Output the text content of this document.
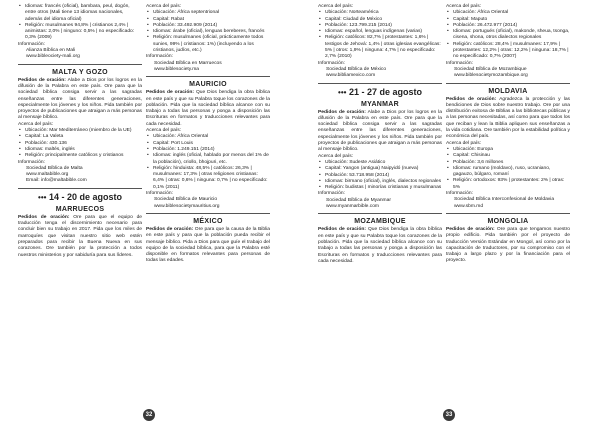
• Idiomas: francés (oficial), bambara, peul, dogón, entre otros (Mali tiene 13 idiomas nacionales, además del idioma oficial)
• Religión: musulmanes 94,8% | cristianos 2,4% | animistas: 2,0% | ninguno: 0,5% | no especificado: 0,3% (2009)

Información:

Alianza Bíblica en Mali
www.bibleociety-mali.org
MALTA Y GOZO

Pedidos de oración: Alabe a Dios por los logros en la difusión de la Palabra en este país. Ore para que la sociedad bíblica consiga servir a las sagradas enseñanzas entre las diferentes generaciones, especialmente los jóvenes y los niños. Pida también por proyectos de publicaciones que atraigan a más personas al mensaje bíblico.

Acerca del país:

• Ubicación: Mar Mediterráneo (miembro de la UE)
• Capital: La Valeta
• Población: 430.136
• Idiomas: maltés, inglés
• Religión: principalmente católicos y cristianos

Información:

Sociedad Bíblica de Malta
www.maltabible.org
Email: info@maltabible.com
••• 14 - 20 de agosto
MARRUECOS

Pedidos de oración: Ore para que el equipo de traducción tenga el discernimiento necesario para concluir bien su trabajo en 2017. Pida que los miles de marroquíes que visitan nuestro sitio web estén preparados para recibir la Buena Nueva en sus corazones. Ore también por la protección a todos nuestros ministerios y por sabiduría para sus líderes.

Acerca del país:

• Ubicación: África septentrional
• Capital: Rabat
• Población: 33.492.909 (2014)
• Idiomas: árabe (oficial), lenguas bereberes, francés
• Religión: musulmanes (oficial, prácticamente todos sunies, 99% | cristianos: 1%) (incluyendo a los cristianos, judíos, etc.)

Información:

Sociedad Bíblica en Marruecos
www.biblesociety.ma
MAURICIO

Pedidos de oración: Que Dios bendiga la obra bíblica en este país y que su Palabra toque los corazones de la población. Pida que la sociedad bíblica alcance con su trabajo a todas las personas y ponga a disposición las Escrituras en formatos y traducciones relevantes para cada necesidad.

Acerca del país:

• Ubicación: África Oriental
• Capital: Port Louis
• Población: 1.249.151 (2014)
• Idiomas: inglés (oficial, hablado por menos del 1% de la población), criollo, bhojpuri, etc.
• Religión: hinduista: 48,5% | católicos: 26,3% | musulmanes: 17,3% | otras religiones cristianas: 6,4% | otras: 0,6% | ninguna: 0,7% | no especificado: 0,1% (2011)

Información:

Sociedad Bíblica de Mauricio
www.biblesocietymauritius.org
MÉXICO

Pedidos de oración: Ore para que la causa de la Biblia en este país y para que la población pueda recibir el mensaje bíblico. Pida a Dios para que guíe el trabajo del equipo de la sociedad bíblica, para que la Palabra esté disponible en formatos relevantes para personas de todas las edades.

32

Acerca del país:

• Ubicación: Norteamérica
• Capital: Ciudad de México
• Población: 123.799.215 (2014)
• Idiomas: español, lenguas indígenas (varias)
• Religión: católicos: 82,7% | protestantes: 1,6% | testigos de Jehová: 1,4% | otras iglesias evangélicas: 5% | otros: 1,9% | ninguna: 4,7% | no especificado: 2,7% (2010)

Información:

Sociedad Bíblica de México
www.bibliamexico.com
••• 21 - 27 de agosto
MYANMAR

Pedidos de oración: Alabe a Dios por los logros en la difusión de la Palabra en este país. Ore para que la sociedad bíblica consiga servir a las sagradas enseñanzas entre las diferentes generaciones, especialmente los jóvenes y los niños. Pida también por proyectos de publicaciones que atraigan a más personas al mensaje bíblico.

Acerca del país:

• Ubicación: Sudeste Asiático
• Capital: Yangon (antigua) Naipyidó (nueva)
• Población: 53.718.958 (2014)
• Idiomas: birmano (oficial), inglés, dialectos regionales
• Religión: budistas | minorías cristianas y musulmanas

Información:

Sociedad Bíblica de Myanmar
www.myanmarbible.com
MOZAMBIQUE

Pedidos de oración: Que Dios bendiga la obra bíblica en este país y que su Palabra toque los corazones de la población. Pida que la sociedad bíblica alcance con su trabajo a todas las personas y ponga a disposición las Escrituras en formatos y traducciones relevantes para cada necesidad.

Acerca del país:

• Ubicación: África Oriental
• Capital: Maputo
• Población: 26.472.977 (2014)
• Idiomas: portugués (oficial), makonde, sheua, tsonga, cisena, shona, otros dialectos regionales
• Religión: católicos: 28,4% | musulmanes: 17,9% | protestantes: 12,2% | otras: 12,2% | ninguna: 18,7% | no especificado: 0,7% (2007)

Información:

Sociedad Bíblica de Mozambique
www.biblesocietymozambique.org
MOLDAVIA

Pedidos de oración: Agradezca la protección y las bendiciones de Dios sobre nuestro trabajo. Ore por una distribución exitosa de Biblias a las bibliotecas públicas y a las personas necesitadas, así como para que todos los que reciban y lean la Biblia apliquen sus enseñanzas a la vida cotidiana. Ore también por la estabilidad política y económica del país.

Acerca del país:

• Ubicación: Europa
• Capital: Chisinau
• Población: 3,6 millones
• Idiomas: rumano (moldavo), ruso, ucraniano, gagauzo, búlgaro, romaní
• Religión: ortodoxos: 93% | protestantes: 2% | otras: 5%

Información:

Sociedad Bíblica Interconfesional de Moldavia
www.sbm.md
MONGOLIA

Pedidos de oración: Ore para que tengamos nuestro propio edificio. Pida también por el proyecto de traducción Versión Estándar en Mongol, así como por la capacitación de traductores, por su compromiso con el trabajo a largo plazo y por la financiación para el proyecto.

33
